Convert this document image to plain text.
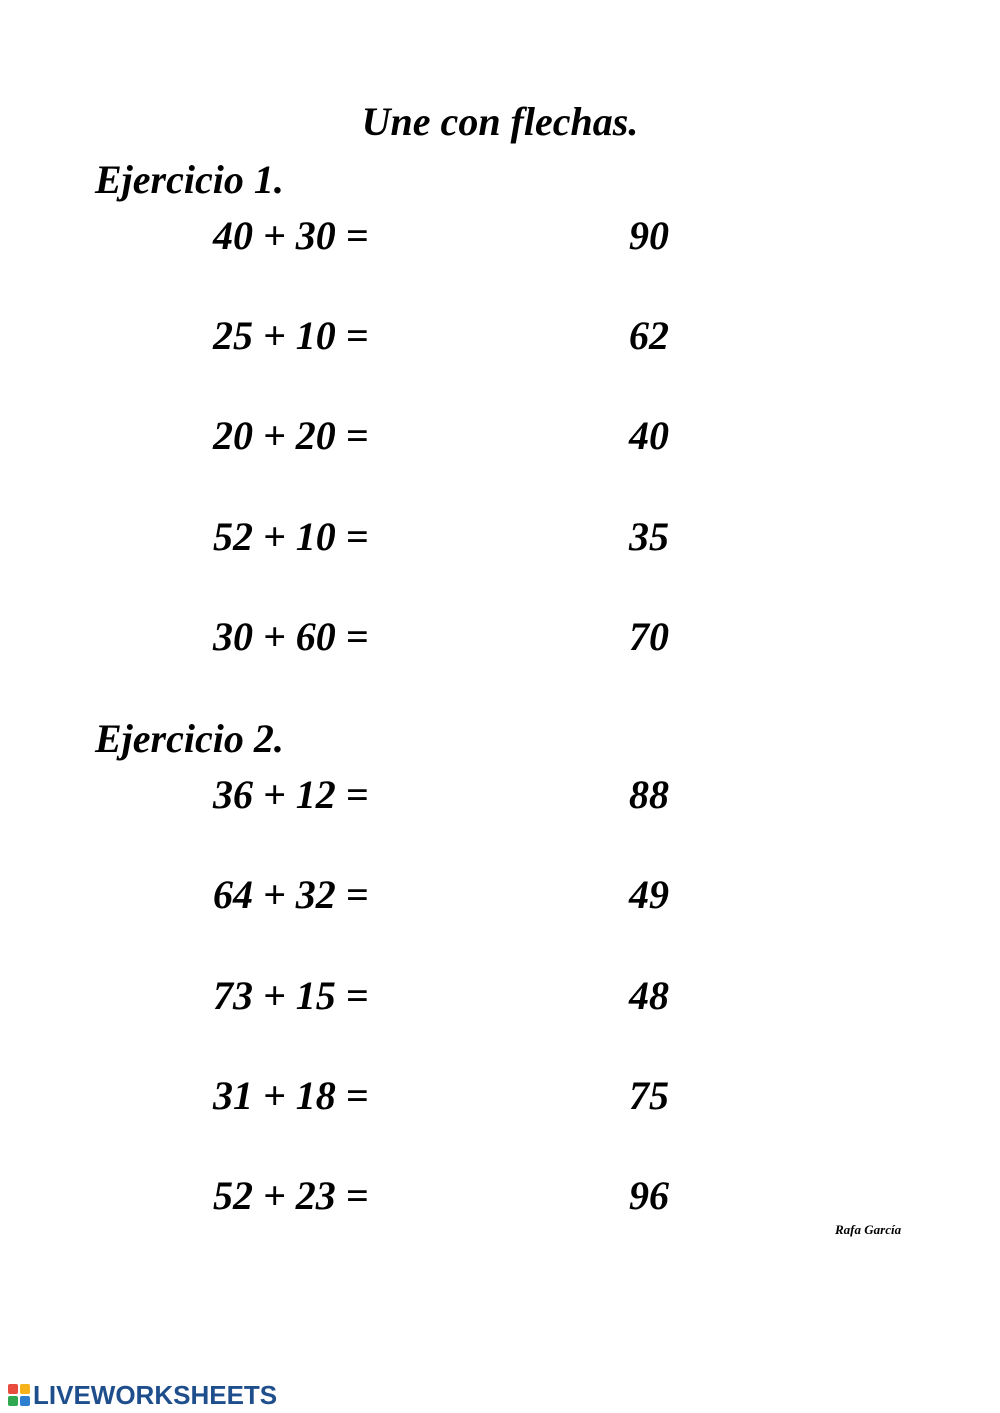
Une con flechas.
Ejercicio 1.
40 + 30 =	90
25 + 10 =	62
20 + 20 =	40
52 + 10 =	35
30 + 60 =	70
Ejercicio 2.
36 + 12 =	88
64 + 32 =	49
73 + 15 =	48
31 + 18 =	75
52 + 23 =	96
Rafa García
LIVEWORKSHEETS
